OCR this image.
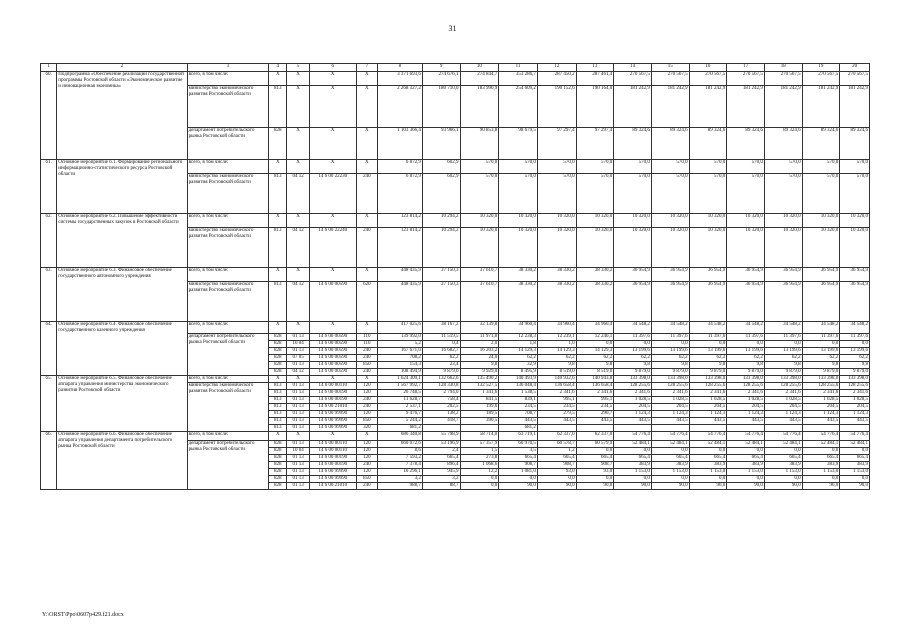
31
1	2	3	4	5	6	7	8	9	10	11	12	13	14	15	16	17	18	19	20
60.	Подпрограмма «Обеспечение реализации государственной программы Ростовской области «Экономическое развитие и инновационная экономика»	всего, в том числе:	X	X	X	X	3 371 693,6	274 676,1	274 844,7	353 286,7	287 450,2	287 461,4	270 567,5	270 567,5	270 567,5	270 567,5	270 567,5	270 567,5	270 567,5
		министерство экономического развития Ростовской области	813	X	X	X	2 268 327,2	180 710,0	183 990,9	254 609,2	190 152,6	190 164,0	181 242,9	181 242,9	181 242,9	181 242,9	181 242,9	181 242,9	181 242,9
		департамент потребительского рынка Ростовской области	828	X	X	X	1 103 366,4	93 966,1	90 853,8	98 679,5	97 297,4	97 297,4	89 324,6	89 324,6	89 324,6	89 324,6	89 324,6	89 324,6	89 324,6
61.	Основное мероприятие 6.1. Формирование регионального информационно-статистического ресурса Ростовской области	всего, в том числе:	X	X	X	X	6 872,9	602,9	570,0	570,0	570,0	570,0	570,0	570,0	570,0	570,0	570,0	570,0	570,0
		министерство экономического развития Ростовской области	813	04 12	14 6 00 22230	240	6 872,9	602,9	570,0	570,0	570,0	570,0	570,0	570,0	570,0	570,0	570,0	570,0	570,0
62.	Основное мероприятие 6.2. Повышение эффективности системы государственных закупок в Ростовской области	всего, в том числе:	X	X	X	X	123 814,2	10 294,2	10 320,0	10 320,0	10 320,0	10 320,0	10 320,0	10 320,0	10 320,0	10 320,0	10 320,0	10 320,0	10 320,0
		министерство экономического развития Ростовской области	813	04 12	14 6 00 22240	240	123 814,2	10 294,2	10 320,0	10 320,0	10 320,0	10 320,0	10 320,0	10 320,0	10 320,0	10 320,0	10 320,0	10 320,0	10 320,0
63.	Основное мероприятие 6.3. Финансовое обеспечение государственного автономного учреждения	всего, в том числе:	X	X	X	X	448 435,9	37 150,3	37 610,7	38 330,2	38 330,2	38 330,2	36 954,9	36 954,9	36 954,9	36 954,9	36 954,9	36 954,9	36 954,9
		министерство экономического развития Ростовской области	813	04 12	14 6 00 00590	620	448 435,9	37 150,3	37 610,7	38 330,2	38 330,2	38 330,2	36 954,9	36 954,9	36 954,9	36 954,9	36 954,9	36 954,9	36 954,9
64.	Основное мероприятие 6.4. Финансовое обеспечение государственного казенного учреждения	всего, в том числе:	X	X	X	X	417 025,6	38 167,2	32 139,8	34 960,4	34 960,4	34 960,4	34 548,2	34 548,2	34 548,2	34 548,2	34 548,2	34 548,2	34 548,2
		департамент потребительского рынка Ростовской области	828	01 13	14 6 00 00590	110	139 992,0	11 519,5	11 971,8	12 238,3	12 239,1	12 240,1	11 397,6	11 397,6	11 397,6	11 397,6	11 397,6	11 397,6	11 397,6
			828	10 04	14 6 00 00590	110	5,2	0,4	2,0	1,8	1,0	0,0	0,0	0,0	0,0	0,0	0,0	0,0	0,0
			828	01 13	14 6 00 00590	240	167 671,0	16 682,7	16 203,2	14 129,3	14 129,3	14 129,3	13 199,6	13 199,6	13 199,6	13 199,6	13 199,6	13 199,6	13 199,6
			828	07 05	14 6 00 00590	240	708,2	62,2	24,0	62,2	62,2	62,2	62,2	62,2	62,2	62,2	62,2	62,2	62,2
			828	01 13	14 6 00 00590	850	154,3	23,4	9,8	32,9	9,8	9,8	9,8	9,8	9,8	9,8	9,8	9,8	9,8
			828	04 12	14 6 00 00590	240	108 494,9	9 879,0	9 929,0	8 495,9	8 519,0	8 519,0	9 879,0	9 879,0	9 879,0	9 879,0	9 879,0	9 879,0	9 879,0
65.	Основное мероприятие 6.5. Финансовое обеспечение аппарата управления министерства экономического развития Ростовской области	всего, в том числе:	X	X	X	X	1 624 309,1	132 662,6	135 490,2	140 493,9	140 932,6	140 943,8	133 398,0	133 398,0	133 398,0	133 398,0	133 398,0	133 398,0	133 398,0
		министерство экономического развития Ростовской области	813	01 13	14 6 00 00110	120	1 567 992,7	128 330,8	132 527,5	136 048,4	136 658,4	136 658,4	128 255,6	128 255,6	128 255,6	128 255,6	128 255,6	128 255,6	128 255,6
			813	01 13	14 6 00 00190	120	26 748,5	2 794,0	1 341,6	1 538,5	2 341,6	2 341,6	2 341,6	2 341,6	2 341,6	2 341,6	2 341,6	2 341,6	2 341,6
			813	01 13	14 6 00 00190	240	11 628,7	758,4	841,5	839,1	995,1	995,1	1 028,5	1 028,5	1 028,5	1 028,5	1 028,5	1 028,5	1 028,5
			813	01 13	14 6 00 21010	240	2 537,1	202,5	199,6	234,5	234,5	234,5	204,5	204,5	204,5	204,5	204,5	204,5	204,5
			813	01 13	14 6 00 99990	120	9 476,7	138,2	189,5	708,7	279,5	290,7	1 124,3	1 124,3	1 124,3	1 124,3	1 124,3	1 124,3	1 124,3
			813	01 13	14 6 00 99990	850	5 244,2	418,7	390,5	443,5	443,5	443,5	443,5	443,5	443,5	443,5	443,5	443,5	443,5
			813	01 13	14 6 00 99990	320	681,2			681,2									
66.	Основное мероприятие 6.6. Финансовое обеспечение аппарата управления департамента потребительского рынка Ростовской области	всего, в том числе:	X	X	X	X	686 340,8	55 798,9	58 714,0	63 719,1	62 337,0	62 337,0	54 776,4	54 776,4	54 776,4	54 776,4	54 776,4	54 776,4	54 776,4
		департамент потребительского рынка Ростовской области	828	01 13	14 6 00 00110	120	660 072,6	53 196,9	57 357,9	60 970,5	60 578,7	60 579,9	52 484,1	52 484,1	52 484,1	52 484,1	52 484,1	52 484,1	52 484,1
			828	10 04	14 6 00 00110	120	8,6	2,4	1,5	3,5	1,2	0,0	0,0	0,0	0,0	0,0	0,0	0,0	0,0
			828	01 13	14 6 00 00190	120	7 593,2	665,4	273,8	665,4	665,4	665,4	665,4	665,4	665,4	665,4	665,4	665,4	665,4
			828	01 13	14 6 00 00190	240	7 378,4	896,4	1 068,6	908,7	908,7	908,7	383,9	383,9	383,9	383,9	383,9	383,9	383,9
			828	01 13	14 6 00 99990	120	10 296,1	945,9	12,2	1 081,0	93,0	93,0	1 153,0	1 153,0	1 153,0	1 153,0	1 153,0	1 153,0	1 153,0
			828	01 13	14 6 00 99990	850	3,2	3,2	0,0	0,0	0,0	0,0	0,0	0,0	0,0	0,0	0,0	0,0	0,0
			828	01 13	14 6 00 21010	240	988,7	88,7	0,0	90,0	90,0	90,0	90,0	90,0	90,0	90,0	90,0	90,0	90,0
Y:\ORST\Ppo\0607p429.f21.docx
